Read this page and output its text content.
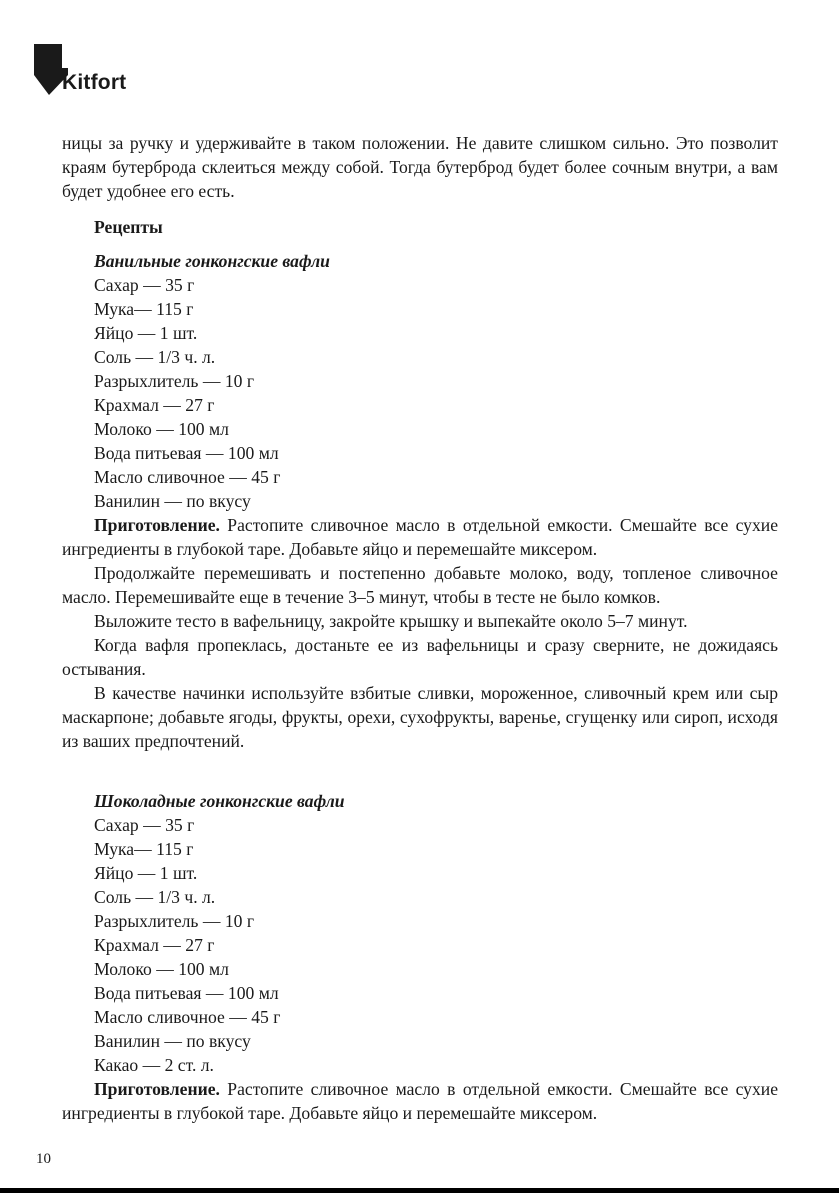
Kitfort

ницы за ручку и удерживайте в таком положении. Не давите слишком сильно. Это позволит краям бутерброда склеиться между собой. Тогда бутерброд будет более сочным внутри, а вам будет удобнее его есть.

Рецепты

Ванильные гонконгские вафли

Сахар — 35 г

Мука— 115 г

Яйцо — 1 шт.

Соль — 1/3 ч. л.

Разрыхлитель — 10 г

Крахмал — 27 г

Молоко — 100 мл

Вода питьевая — 100 мл

Масло сливочное — 45 г

Ванилин — по вкусу

Приготовление. Растопите сливочное масло в отдельной емкости. Смешайте все сухие ингредиенты в глубокой таре. Добавьте яйцо и перемешайте миксером.

Продолжайте перемешивать и постепенно добавьте молоко, воду, топленое сливочное масло. Перемешивайте еще в течение 3–5 минут, чтобы в тесте не было комков.

Выложите тесто в вафельницу, закройте крышку и выпекайте около 5–7 минут.

Когда вафля пропеклась, достаньте ее из вафельницы и сразу сверните, не дожидаясь остывания.

В качестве начинки используйте взбитые сливки, мороженное, сливочный крем или сыр маскарпоне; добавьте ягоды, фрукты, орехи, сухофрукты, варенье, сгущенку или сироп, исходя из ваших предпочтений.

Шоколадные гонконгские вафли

Сахар — 35 г

Мука— 115 г

Яйцо — 1 шт.

Соль — 1/3 ч. л.

Разрыхлитель — 10 г

Крахмал — 27 г

Молоко — 100 мл

Вода питьевая — 100 мл

Масло сливочное — 45 г

Ванилин — по вкусу

Какао — 2 ст. л.

Приготовление. Растопите сливочное масло в отдельной емкости. Смешайте все сухие ингредиенты в глубокой таре. Добавьте яйцо и перемешайте миксером.

10
